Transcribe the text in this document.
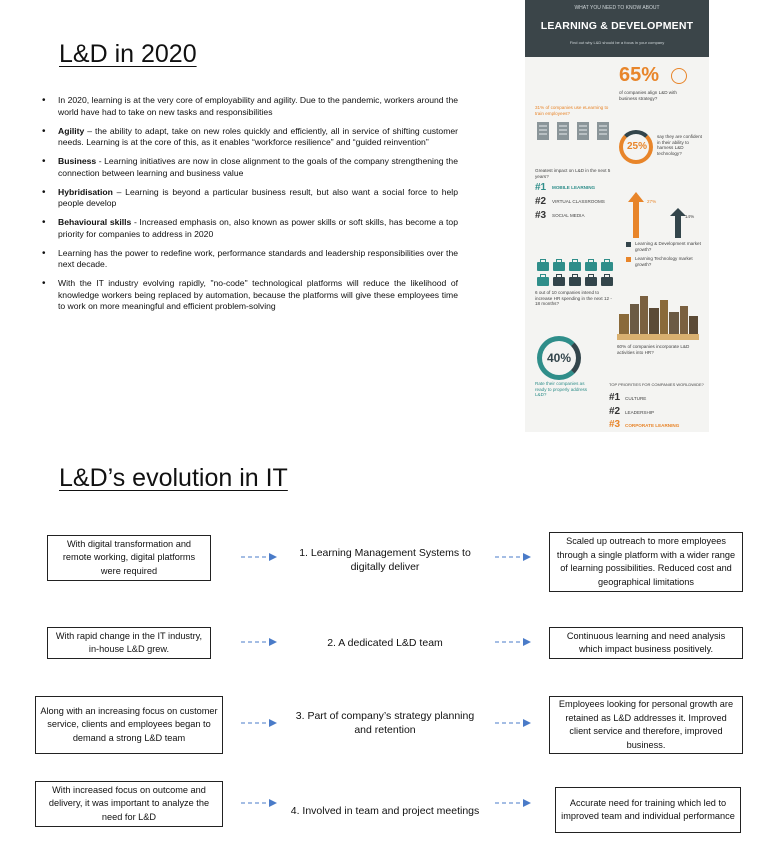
L&D in 2020
• In 2020, learning is at the very core of employability and agility. Due to the pandemic, workers around the world have had to take on new tasks and responsibilities
• Agility – the ability to adapt, take on new roles quickly and efficiently, all in service of shifting customer needs. Learning is at the core of this, as it enables “workforce resilience” and “guided reinvention”
• Business - Learning initiatives are now in close alignment to the goals of the company strengthening the connection between learning and business value
• Hybridisation – Learning is beyond a particular business result, but also want a social force to help people develop
• Behavioural skills - Increased emphasis on, also known as power skills or soft skills, has become a top priority for companies to address in 2020
• Learning has the power to redefine work, performance standards and leadership responsibilities over the next decade.
• With the IT industry evolving rapidly, "no-code" technological platforms will reduce the likelihood of knowledge workers being replaced by automation, because the platforms will give these employees time to work on more meaningful and efficient problem-solving
WHAT YOU NEED TO KNOW ABOUT
LEARNING & DEVELOPMENT
Find out why L&D should be a focus in your company
65%
of companies align L&D with business strategy?
31% of companies use eLearning to train employees?
25%
say they are confident in their ability to harness L&D technology?
Greatest impact on L&D in the next 5 years?
#1 MOBILE LEARNING
#2 VIRTUAL CLASSROOMS
#3 SOCIAL MEDIA
27%
14%
Learning & Development market growth?
Learning Technology market growth?
6 out of 10 companies intend to increase HR spending in the next 12 - 18 months?
60% of companies incorporate L&D activities into HR?
40%
Rate their companies as ready to properly address L&D?
TOP PRIORITIES FOR COMPANIES WORLDWIDE?
#1 CULTURE
#2 LEADERSHIP
#3 CORPORATE LEARNING
L&D’s evolution in IT
With digital transformation and remote working, digital platforms were required
1. Learning Management Systems to digitally deliver
Scaled up outreach to more employees through a single platform with a wider range of learning possibilities. Reduced cost and geographical limitations
With rapid change in the IT industry, in-house L&D grew.
2. A dedicated L&D team
Continuous learning and need analysis which impact business positively.
Along with an increasing focus on customer service, clients and employees began to demand a strong L&D team
3. Part of company’s strategy planning and retention
Employees looking for personal growth are retained as L&D addresses it. Improved client service and therefore, improved business.
With increased focus on outcome and delivery, it was important to analyze the need for L&D	4. Involved in team and project meetings
Accurate need for training which led to improved team and individual performance
